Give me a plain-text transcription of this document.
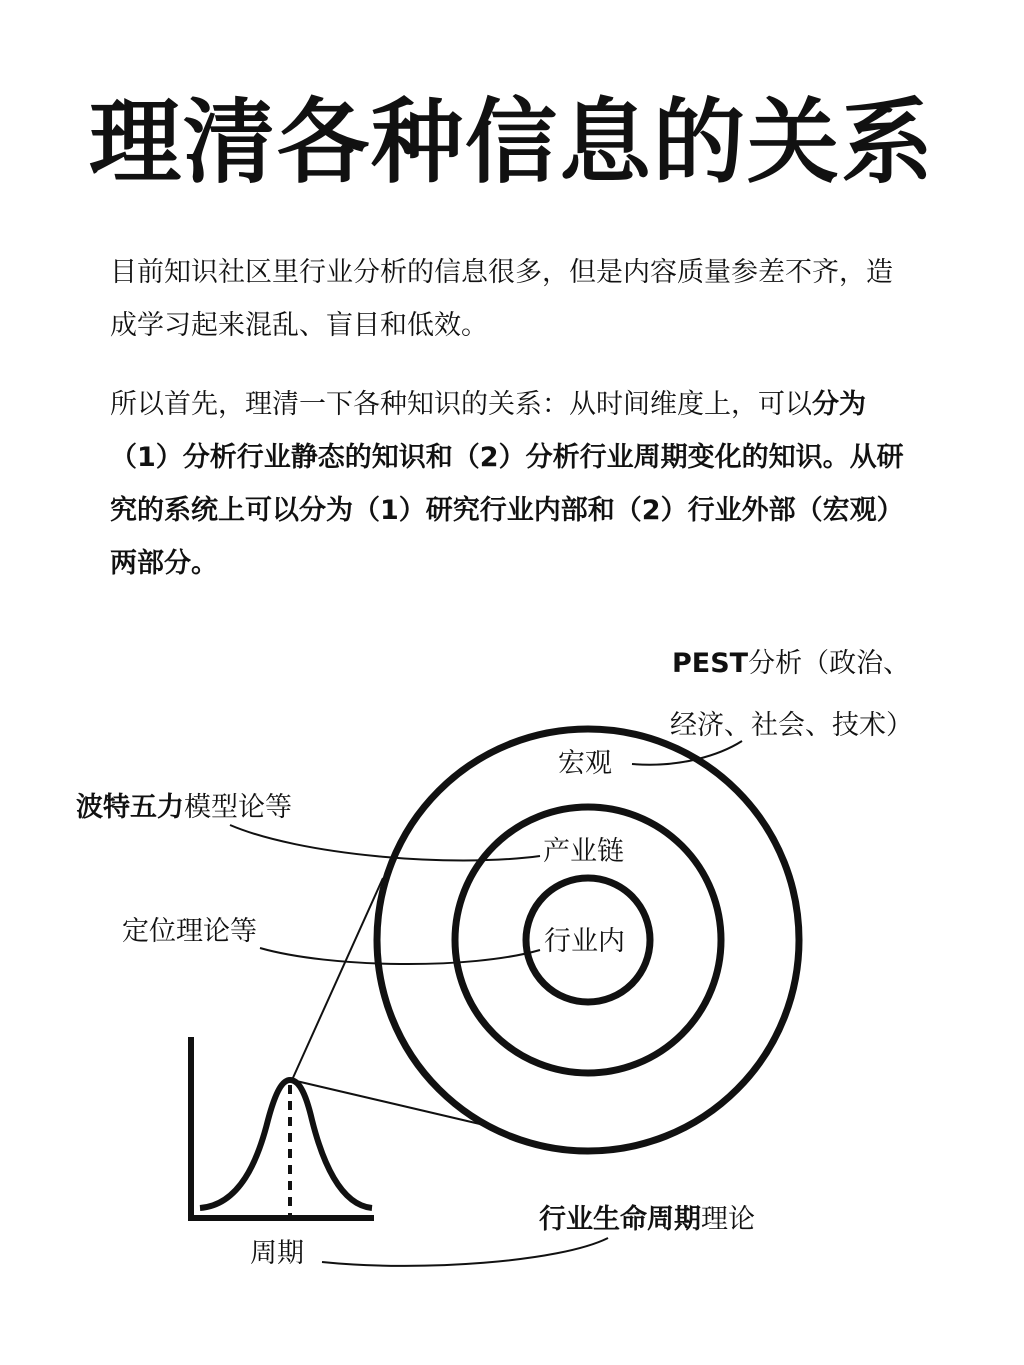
理清各种信息的关系

目前知识社区里行业分析的信息很多，但是内容质量参差不齐，造成学习起来混乱、盲目和低效。

所以首先，理清一下各种知识的关系：从时间维度上，可以分为（1）分析行业静态的知识和（2）分析行业周期变化的知识。从研究的系统上可以分为（1）研究行业内部和（2）行业外部（宏观）两部分。

PEST分析（政治、
经济、社会、技术）
宏观
波特五力模型论等
产业链
定位理论等	行业内
行业生命周期理论
周期
